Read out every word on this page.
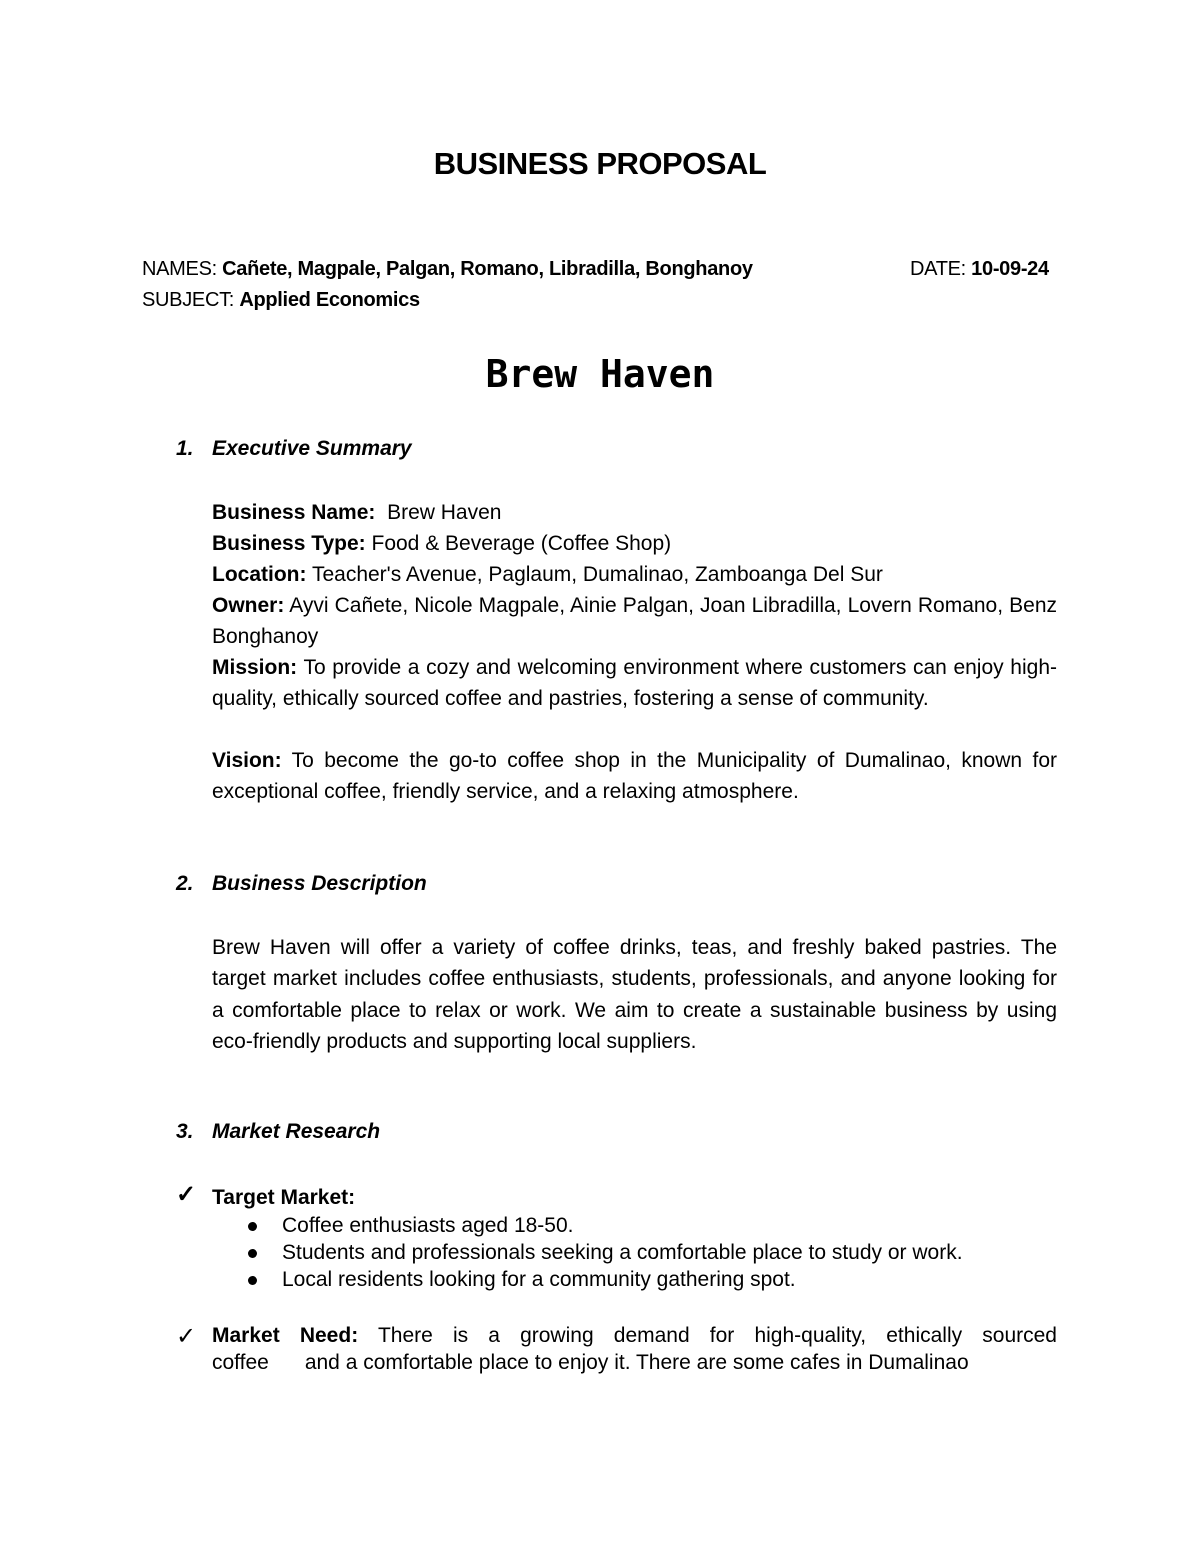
BUSINESS PROPOSAL
NAMES: Cañete, Magpale, Palgan, Romano, Libradilla, Bonghanoy	DATE: 10-09-24
SUBJECT: Applied Economics
Brew Haven
1. Executive Summary
Business Name: Brew Haven
Business Type: Food & Beverage (Coffee Shop)
Location: Teacher's Avenue, Paglaum, Dumalinao, Zamboanga Del Sur
Owner: Ayvi Cañete, Nicole Magpale, Ainie Palgan, Joan Libradilla, Lovern Romano, Benz Bonghanoy
Mission: To provide a cozy and welcoming environment where customers can enjoy high-quality, ethically sourced coffee and pastries, fostering a sense of community.
Vision: To become the go-to coffee shop in the Municipality of Dumalinao, known for exceptional coffee, friendly service, and a relaxing atmosphere.
2. Business Description
Brew Haven will offer a variety of coffee drinks, teas, and freshly baked pastries. The target market includes coffee enthusiasts, students, professionals, and anyone looking for a comfortable place to relax or work. We aim to create a sustainable business by using eco-friendly products and supporting local suppliers.
3. Market Research
✓ Target Market:
Coffee enthusiasts aged 18-50.
Students and professionals seeking a comfortable place to study or work.
Local residents looking for a community gathering spot.
✓ Market Need: There is a growing demand for high-quality, ethically sourced
coffee and a comfortable place to enjoy it. There are some cafes in Dumalinao
